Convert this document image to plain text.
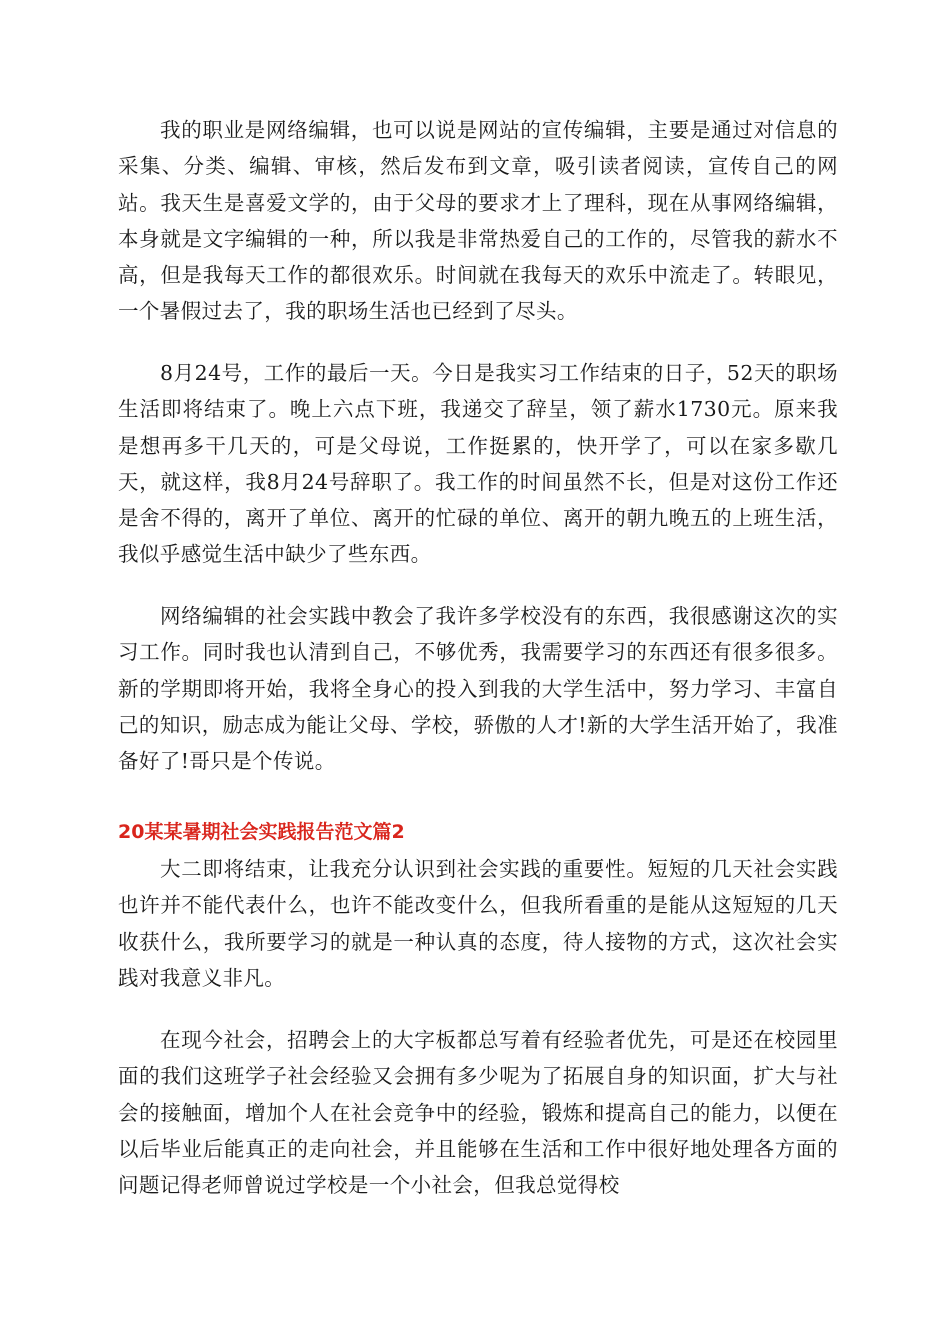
我的职业是网络编辑，也可以说是网站的宣传编辑，主要是通过对信息的采集、分类、编辑、审核，然后发布到文章，吸引读者阅读，宣传自己的网站。我天生是喜爱文学的，由于父母的要求才上了理科，现在从事网络编辑，本身就是文字编辑的一种，所以我是非常热爱自己的工作的，尽管我的薪水不高，但是我每天工作的都很欢乐。时间就在我每天的欢乐中流走了。转眼见，一个暑假过去了，我的职场生活也已经到了尽头。

8月24号，工作的最后一天。今日是我实习工作结束的日子，52天的职场生活即将结束了。晚上六点下班，我递交了辞呈，领了薪水1730元。原来我是想再多干几天的，可是父母说，工作挺累的，快开学了，可以在家多歇几天，就这样，我8月24号辞职了。我工作的时间虽然不长，但是对这份工作还是舍不得的，离开了单位、离开的忙碌的单位、离开的朝九晚五的上班生活，我似乎感觉生活中缺少了些东西。

网络编辑的社会实践中教会了我许多学校没有的东西，我很感谢这次的实习工作。同时我也认清到自己，不够优秀，我需要学习的东西还有很多很多。新的学期即将开始，我将全身心的投入到我的大学生活中，努力学习、丰富自己的知识，励志成为能让父母、学校，骄傲的人才!新的大学生活开始了，我准备好了!哥只是个传说。

20某某暑期社会实践报告范文篇2

大二即将结束，让我充分认识到社会实践的重要性。短短的几天社会实践也许并不能代表什么，也许不能改变什么，但我所看重的是能从这短短的几天收获什么，我所要学习的就是一种认真的态度，待人接物的方式，这次社会实践对我意义非凡。

在现今社会，招聘会上的大字板都总写着有经验者优先，可是还在校园里面的我们这班学子社会经验又会拥有多少呢为了拓展自身的知识面，扩大与社会的接触面，增加个人在社会竞争中的经验，锻炼和提高自己的能力，以便在以后毕业后能真正的走向社会，并且能够在生活和工作中很好地处理各方面的问题记得老师曾说过学校是一个小社会，但我总觉得校
